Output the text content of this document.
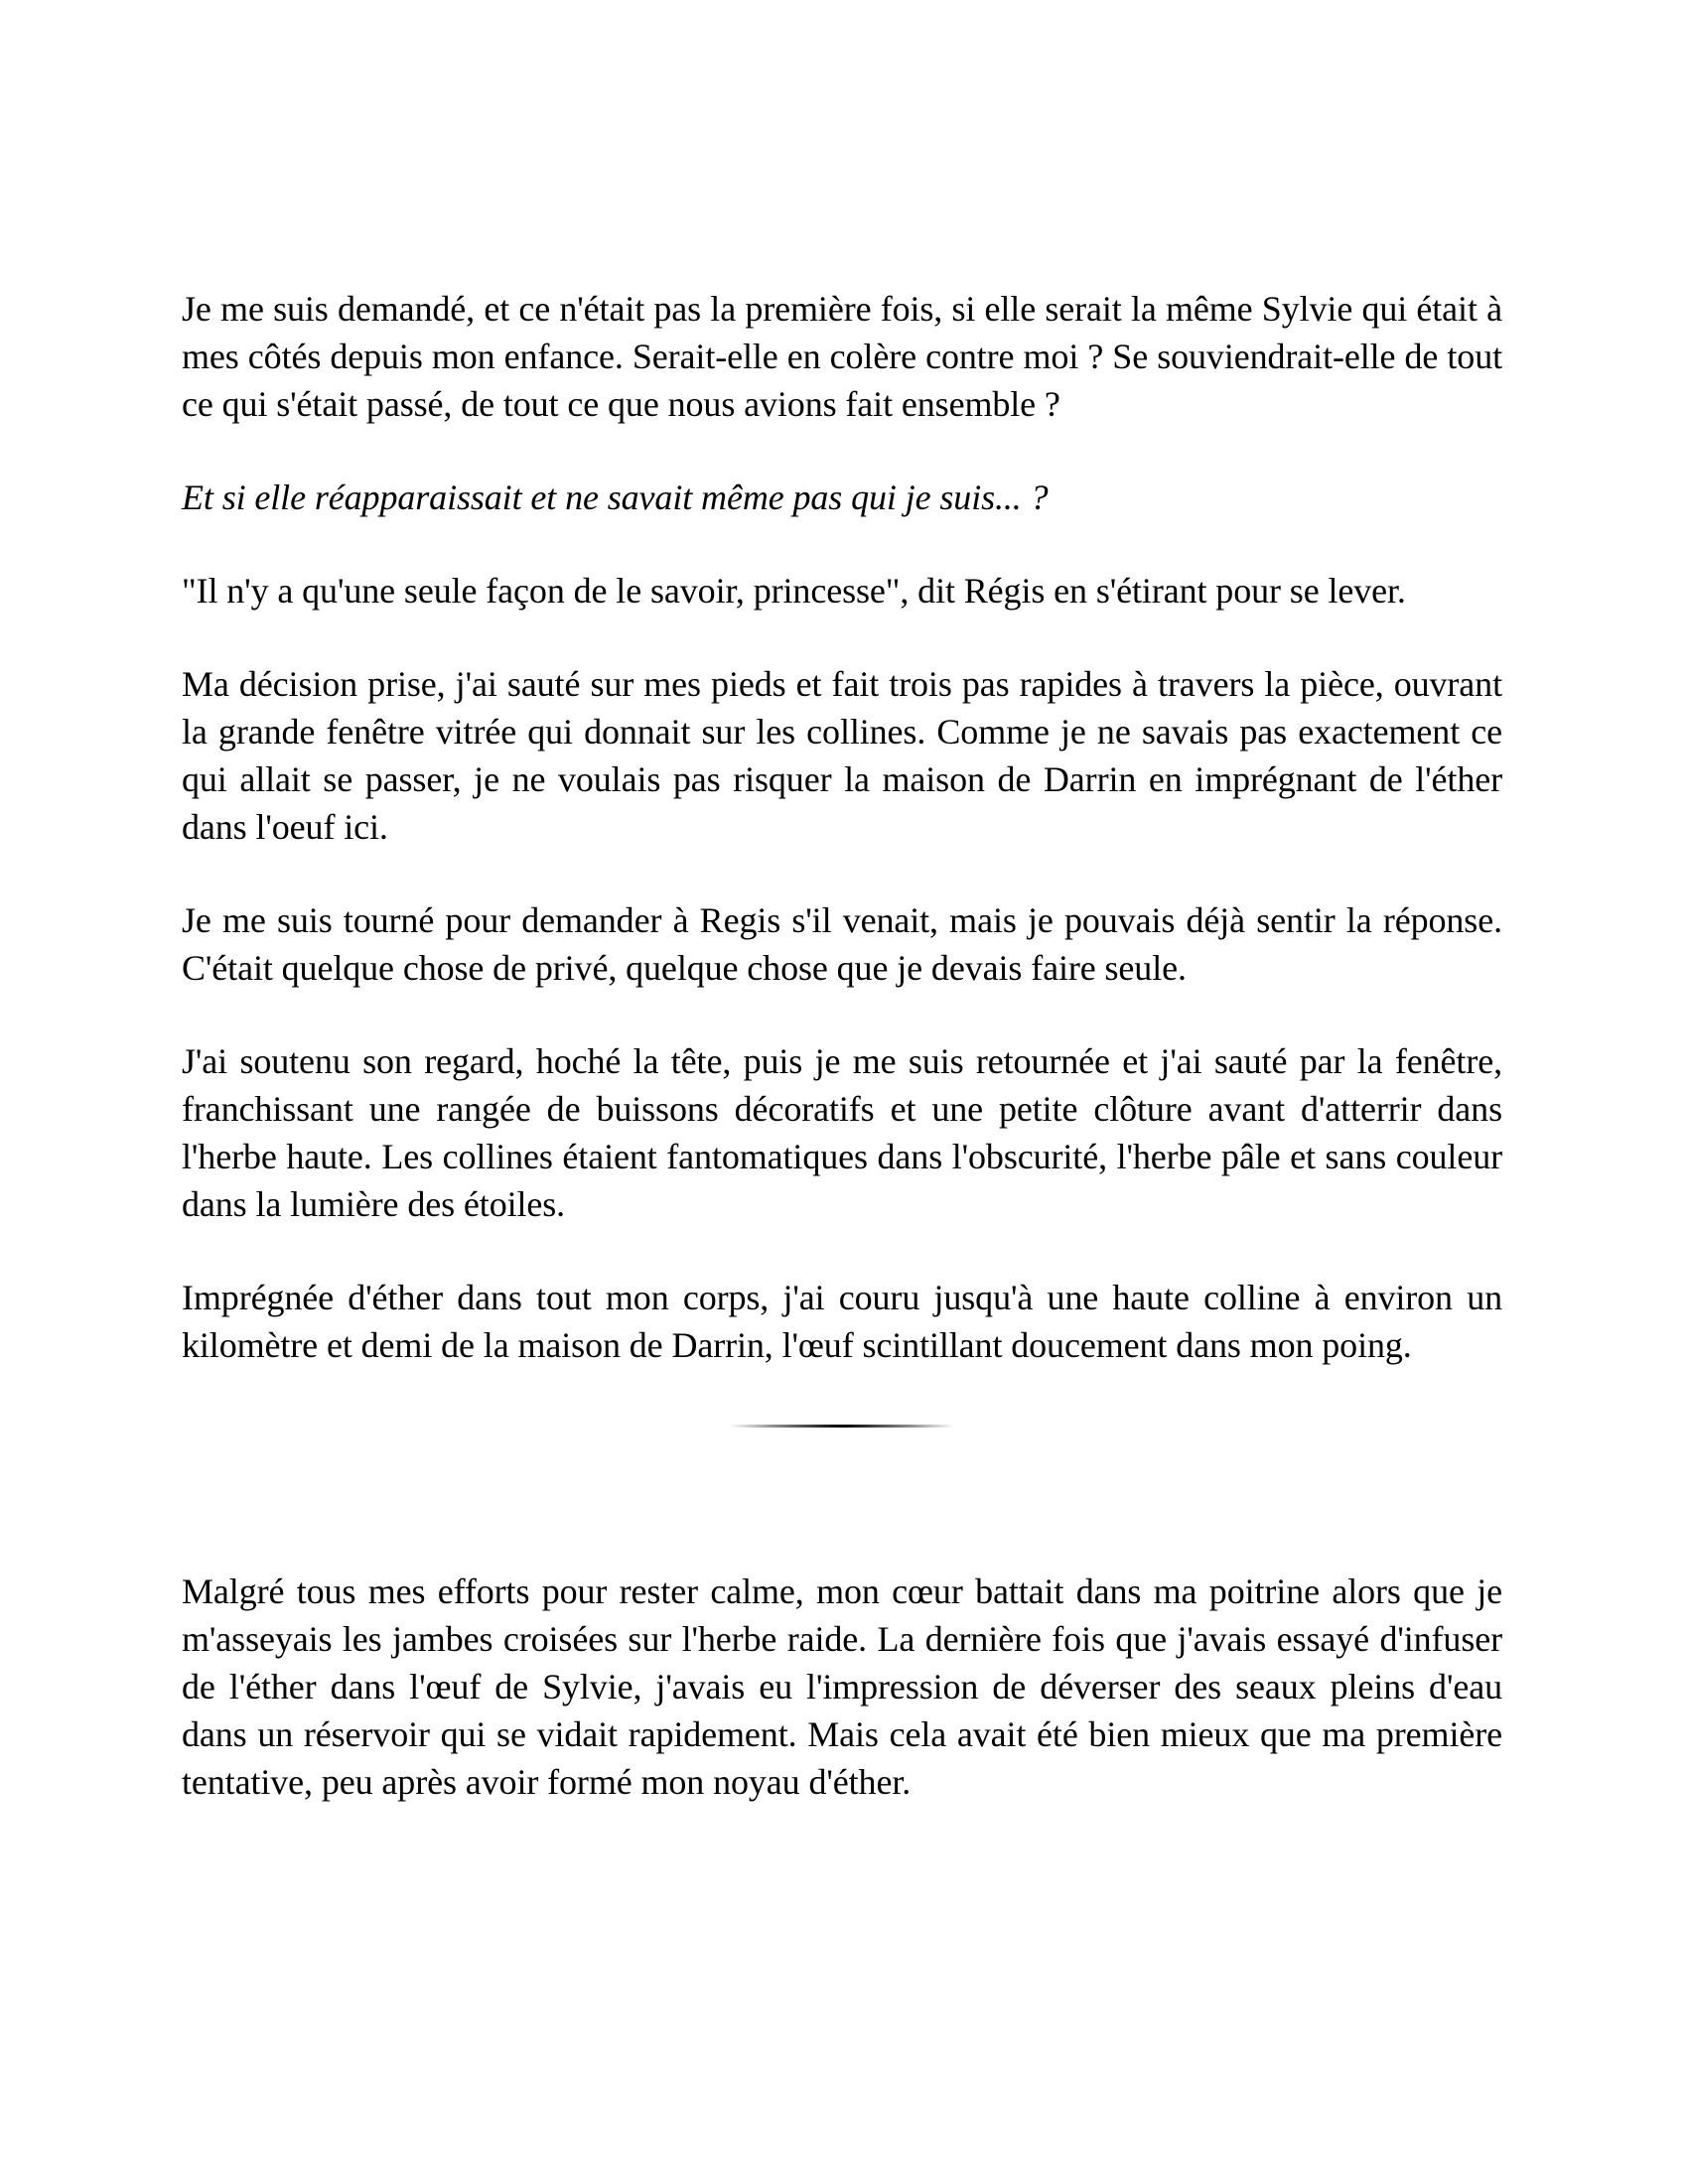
Je me suis demandé, et ce n'était pas la première fois, si elle serait la même Sylvie qui était à mes côtés depuis mon enfance. Serait-elle en colère contre moi ? Se souviendrait-elle de tout ce qui s'était passé, de tout ce que nous avions fait ensemble ?

Et si elle réapparaissait et ne savait même pas qui je suis... ?

"Il n'y a qu'une seule façon de le savoir, princesse", dit Régis en s'étirant pour se lever.

Ma décision prise, j'ai sauté sur mes pieds et fait trois pas rapides à travers la pièce, ouvrant la grande fenêtre vitrée qui donnait sur les collines. Comme je ne savais pas exactement ce qui allait se passer, je ne voulais pas risquer la maison de Darrin en imprégnant de l'éther dans l'oeuf ici.

Je me suis tourné pour demander à Regis s'il venait, mais je pouvais déjà sentir la réponse. C'était quelque chose de privé, quelque chose que je devais faire seule.

J'ai soutenu son regard, hoché la tête, puis je me suis retournée et j'ai sauté par la fenêtre, franchissant une rangée de buissons décoratifs et une petite clôture avant d'atterrir dans l'herbe haute. Les collines étaient fantomatiques dans l'obscurité, l'herbe pâle et sans couleur dans la lumière des étoiles.

Imprégnée d'éther dans tout mon corps, j'ai couru jusqu'à une haute colline à environ un kilomètre et demi de la maison de Darrin, l'œuf scintillant doucement dans mon poing.

Malgré tous mes efforts pour rester calme, mon cœur battait dans ma poitrine alors que je m'asseyais les jambes croisées sur l'herbe raide. La dernière fois que j'avais essayé d'infuser de l'éther dans l'œuf de Sylvie, j'avais eu l'impression de déverser des seaux pleins d'eau dans un réservoir qui se vidait rapidement. Mais cela avait été bien mieux que ma première tentative, peu après avoir formé mon noyau d'éther.
